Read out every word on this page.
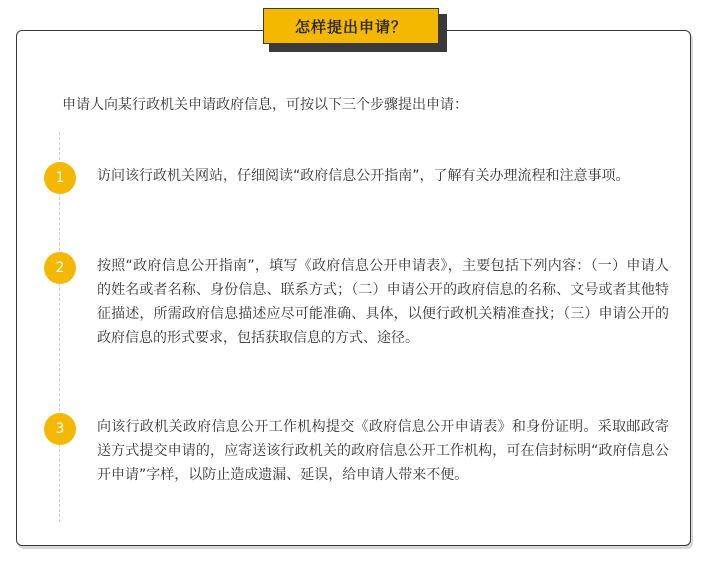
怎样提出申请？
申请人向某行政机关申请政府信息，可按以下三个步骤提出申请：
1	访问该行政机关网站，仔细阅读“政府信息公开指南”，了解有关办理流程和注意事项。
2	按照“政府信息公开指南”，填写《政府信息公开申请表》，主要包括下列内容：（一）申请人的姓名或者名称、身份信息、联系方式；（二）申请公开的政府信息的名称、文号或者其他特征描述，所需政府信息描述应尽可能准确、具体，以便行政机关精准查找；（三）申请公开的政府信息的形式要求，包括获取信息的方式、途径。
3	向该行政机关政府信息公开工作机构提交《政府信息公开申请表》和身份证明。采取邮政寄送方式提交申请的，应寄送该行政机关的政府信息公开工作机构，可在信封标明“政府信息公开申请”字样，以防止造成遗漏、延误，给申请人带来不便。
